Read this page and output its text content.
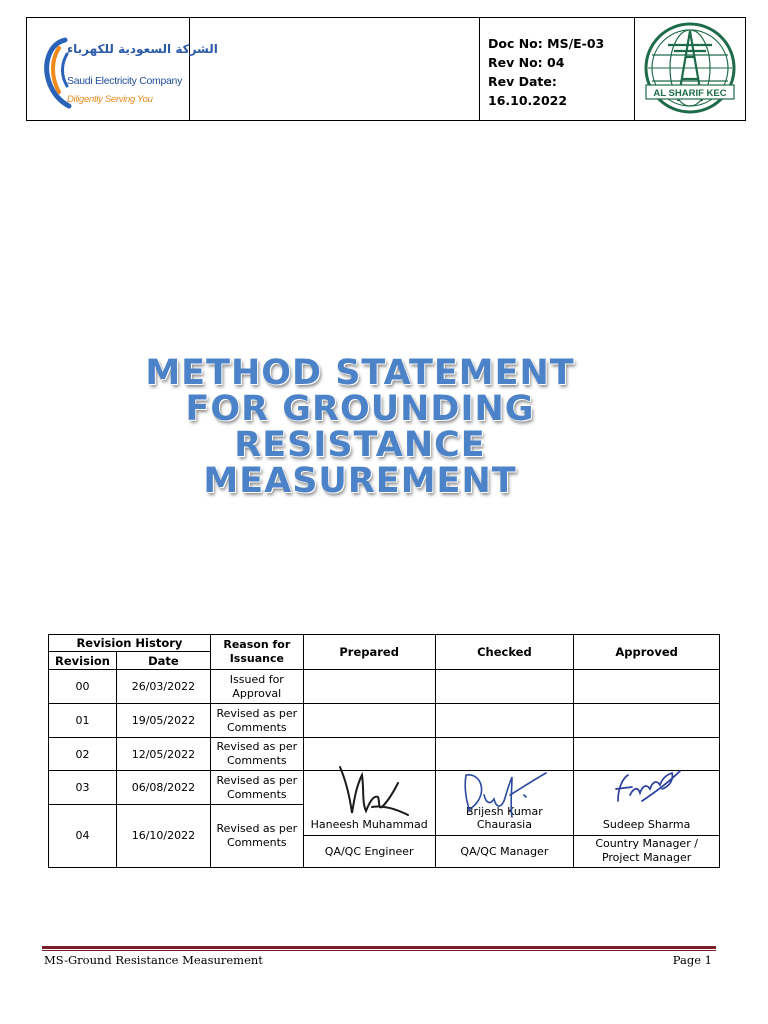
الشركة السعودية للكهرباء
Saudi Electricity Company
Diligently Serving You
Doc No: MS/E-03
Rev No: 04
Rev Date: 16.10.2022	AL SHARIF KEC
METHOD STATEMENT
FOR GROUNDING
RESISTANCE
MEASUREMENT
Revision History		Reason for Issuance	Prepared	Checked	Approved
Revision	Date				
00	26/03/2022	Issued for Approval			
01	19/05/2022	Revised as per Comments			
02	12/05/2022	Revised as per Comments			
03	06/08/2022	Revised as per Comments			
04	16/10/2022	Revised as per Comments	Haneesh Muhammad	Brijesh Kumar Chaurasia	Sudeep Sharma
			QA/QC Engineer	QA/QC Manager	Country Manager / Project Manager
MS-Ground Resistance Measurement	Page 1
